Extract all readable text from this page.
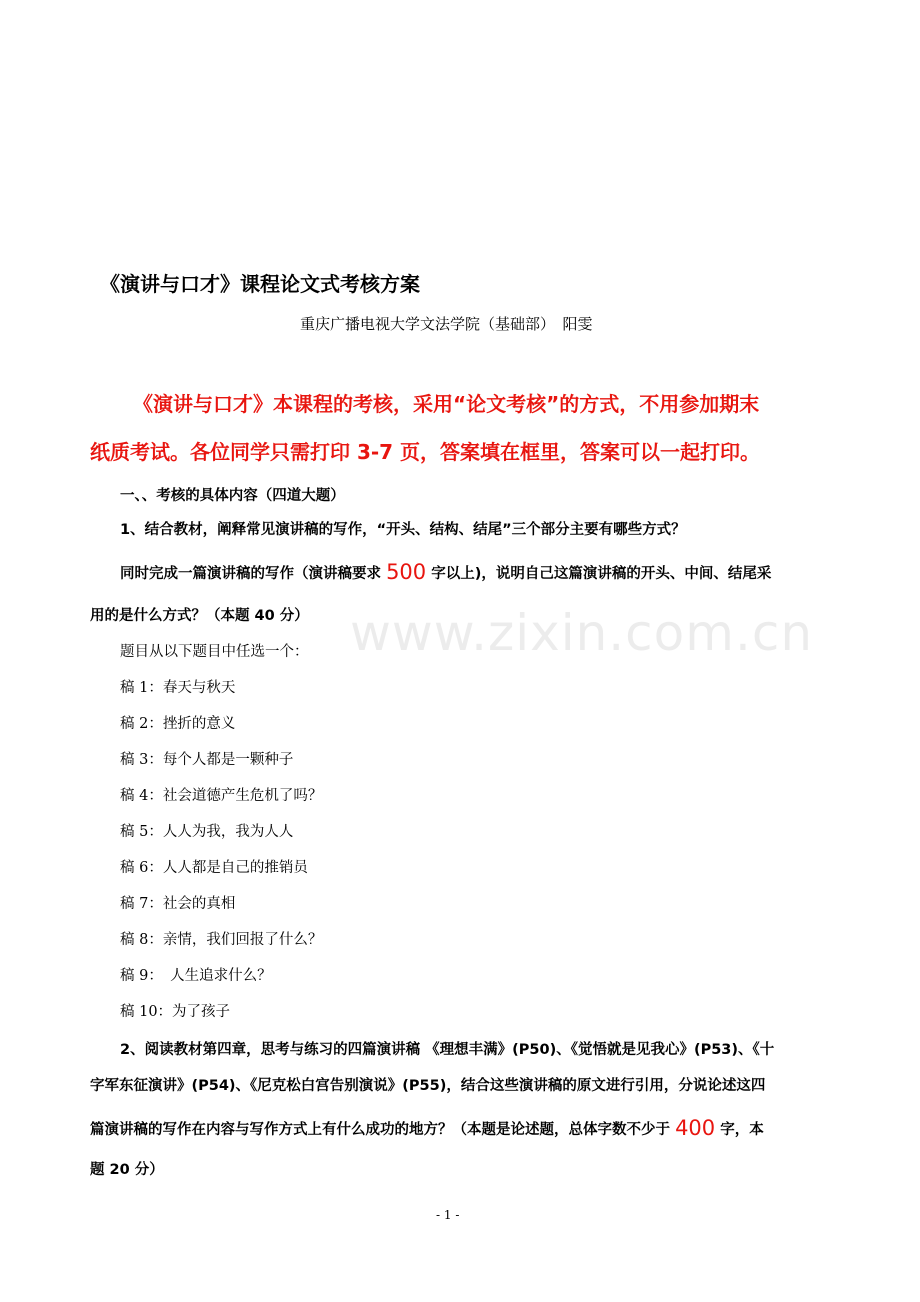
《演讲与口才》课程论文式考核方案
重庆广播电视大学文法学院（基础部）　阳雯
《演讲与口才》本课程的考核，采用“论文考核”的方式，不用参加期末
纸质考试。各位同学只需打印 3-7 页，答案填在框里，答案可以一起打印。
一、、考核的具体内容（四道大题）
1、结合教材，阐释常见演讲稿的写作，“开头、结构、结尾”三个部分主要有哪些方式？
同时完成一篇演讲稿的写作（演讲稿要求 500 字以上)，说明自己这篇演讲稿的开头、中间、结尾采
用的是什么方式？（本题 40 分）
题目从以下题目中任选一个：
稿 1：春天与秋天
稿 2：挫折的意义
稿 3：每个人都是一颗种子
稿 4：社会道德产生危机了吗？
稿 5：人人为我，我为人人
稿 6：人人都是自己的推销员
稿 7：社会的真相
稿 8：亲情，我们回报了什么？
稿 9：　人生追求什么？
稿 10：为了孩子
2、阅读教材第四章，思考与练习的四篇演讲稿 《理想丰满》(P50)、《觉悟就是见我心》(P53)、《十
字军东征演讲》(P54)、《尼克松白宫告别演说》(P55)，结合这些演讲稿的原文进行引用，分说论述这四
篇演讲稿的写作在内容与写作方式上有什么成功的地方？（本题是论述题，总体字数不少于 400 字，本
题 20 分）
www.zixin.com.cn
- 1 -
